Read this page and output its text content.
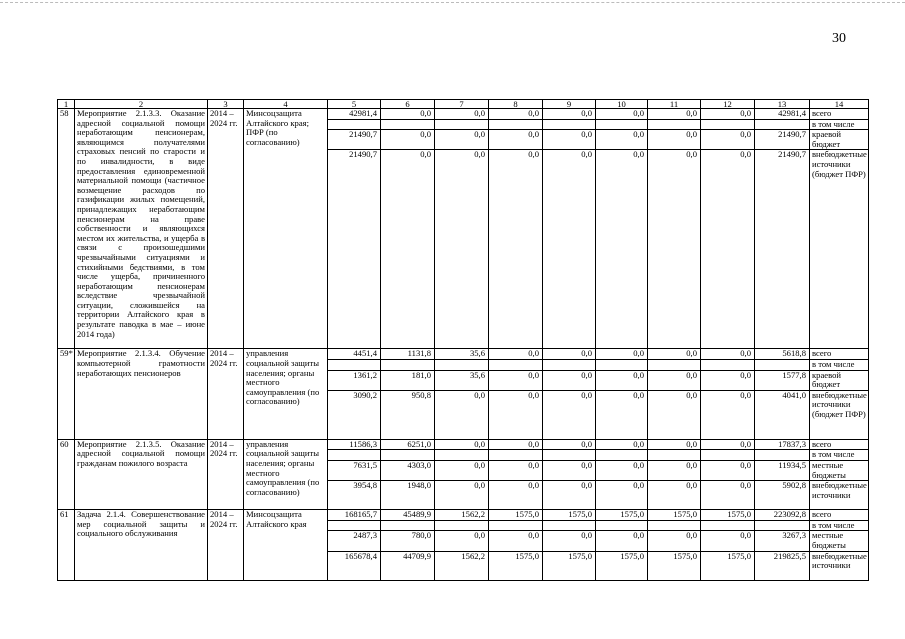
30
1	2	3	4	5	6	7	8	9	10	11	12	13	14
58	Мероприятие 2.1.3.3. Оказание адресной социальной помощи неработающим пенсионерам, являющимся получателями страховых пенсий по старости и по инвалидности, в виде предоставления единовременной материальной помощи (частичное возмещение расходов по газификации жилых помещений, принадлежащих неработающим пенсионерам на праве собственности и являющихся местом их жительства, и ущерба в связи с произошедшими чрезвычайными ситуациями и стихийными бедствиями, в том числе ущерба, причиненного неработающим пенсионерам вследствие чрезвычайной ситуации, сложившейся на территории Алтайского края в результате паводка в мае – июне 2014 года)	2014 – 2024 гг.	Минсоцзащита Алтайского края; ПФР (по согласованию)	42981,4	0,0	0,0	0,0	0,0	0,0	0,0	0,0	42981,4	всего
													в том числе
				21490,7	0,0	0,0	0,0	0,0	0,0	0,0	0,0	21490,7	краевой бюджет
				21490,7	0,0	0,0	0,0	0,0	0,0	0,0	0,0	21490,7	внебюджетные источники (бюджет ПФР)
59*	Мероприятие 2.1.3.4. Обучение компьютерной грамотности неработающих пенсионеров	2014 – 2024 гг.	управления социальной защиты населения; органы местного самоуправления (по согласованию)	4451,4	1131,8	35,6	0,0	0,0	0,0	0,0	0,0	5618,8	всего
													в том числе
				1361,2	181,0	35,6	0,0	0,0	0,0	0,0	0,0	1577,8	краевой бюджет
				3090,2	950,8	0,0	0,0	0,0	0,0	0,0	0,0	4041,0	внебюджетные источники (бюджет ПФР)
60	Мероприятие 2.1.3.5. Оказание адресной социальной помощи гражданам пожилого возраста	2014 – 2024 гг.	управления социальной защиты населения; органы местного самоуправления (по согласованию)	11586,3	6251,0	0,0	0,0	0,0	0,0	0,0	0,0	17837,3	всего
													в том числе
				7631,5	4303,0	0,0	0,0	0,0	0,0	0,0	0,0	11934,5	местные бюджеты
				3954,8	1948,0	0,0	0,0	0,0	0,0	0,0	0,0	5902,8	внебюджетные источники
61	Задача 2.1.4. Совершенствование мер социальной защиты и социального обслуживания	2014 – 2024 гг.	Минсоцзащита Алтайского края	168165,7	45489,9	1562,2	1575,0	1575,0	1575,0	1575,0	1575,0	223092,8	всего
													в том числе
				2487,3	780,0	0,0	0,0	0,0	0,0	0,0	0,0	3267,3	местные бюджеты
				165678,4	44709,9	1562,2	1575,0	1575,0	1575,0	1575,0	1575,0	219825,5	внебюджетные источники
